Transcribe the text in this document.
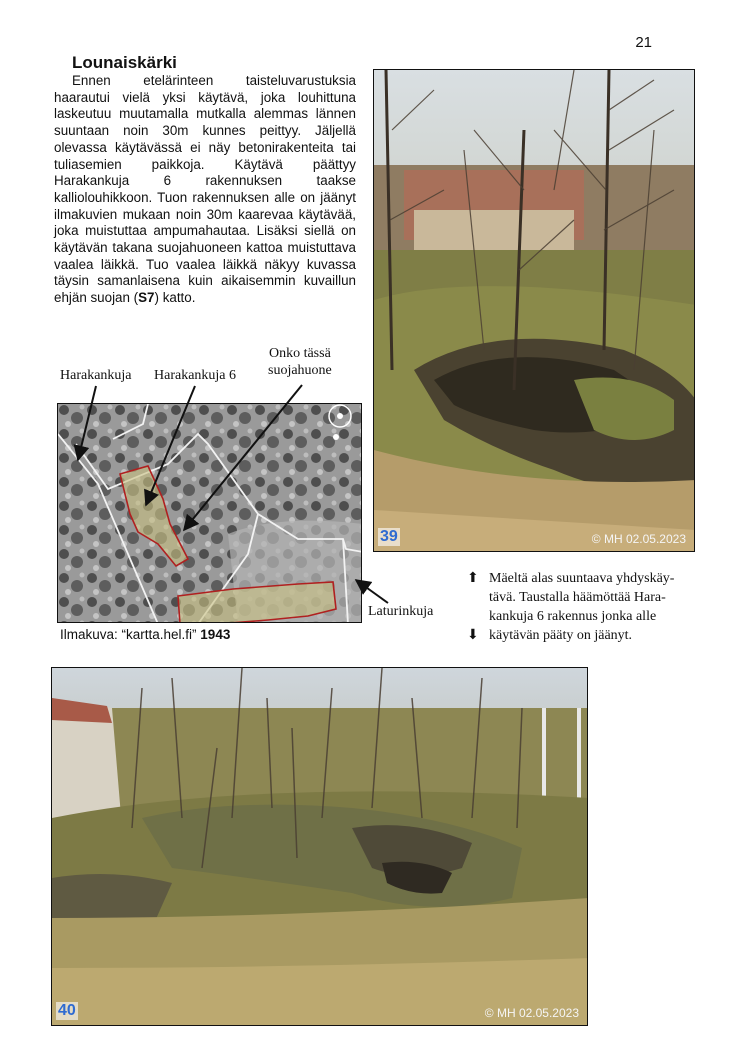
21
Lounaiskärki

Ennen etelärinteen taisteluvarustuksia haarautui vielä yksi käytävä, joka louhittuna laskeutuu muutamalla mutkalla alemmas lännen suuntaan noin 30m kunnes peittyy. Jäljellä olevassa käytävässä ei näy betonirakenteita tai tuliasemien paikkoja. Käytävä päättyy Harakankuja 6 rakennuksen taakse kalliolouhikkoon. Tuon rakennuksen alle on jäänyt ilmakuvien mukaan noin 30m kaarevaa käytävää, joka muistuttaa ampumahautaa. Lisäksi siellä on käytävän takana suojahuoneen kattoa muistuttava vaalea läikkä. Tuo vaalea läikkä näkyy kuvassa täysin samanlaisena kuin aikaisemmin kuvaillun ehjän suojan (S7) katto.

39	© MH 02.05.2023
Harakankuja Harakankuja 6
Onko tässä
suojahuone
Laturinkuja
Ilmakuva: “kartta.hel.fi” 1943
⬆ Mäeltä alas suuntaava yhdyskäy-
tävä. Taustalla häämöttää Hara-
kankuja 6 rakennus jonka alle
⬇ käytävän pääty on jäänyt.
40	© MH 02.05.2023
